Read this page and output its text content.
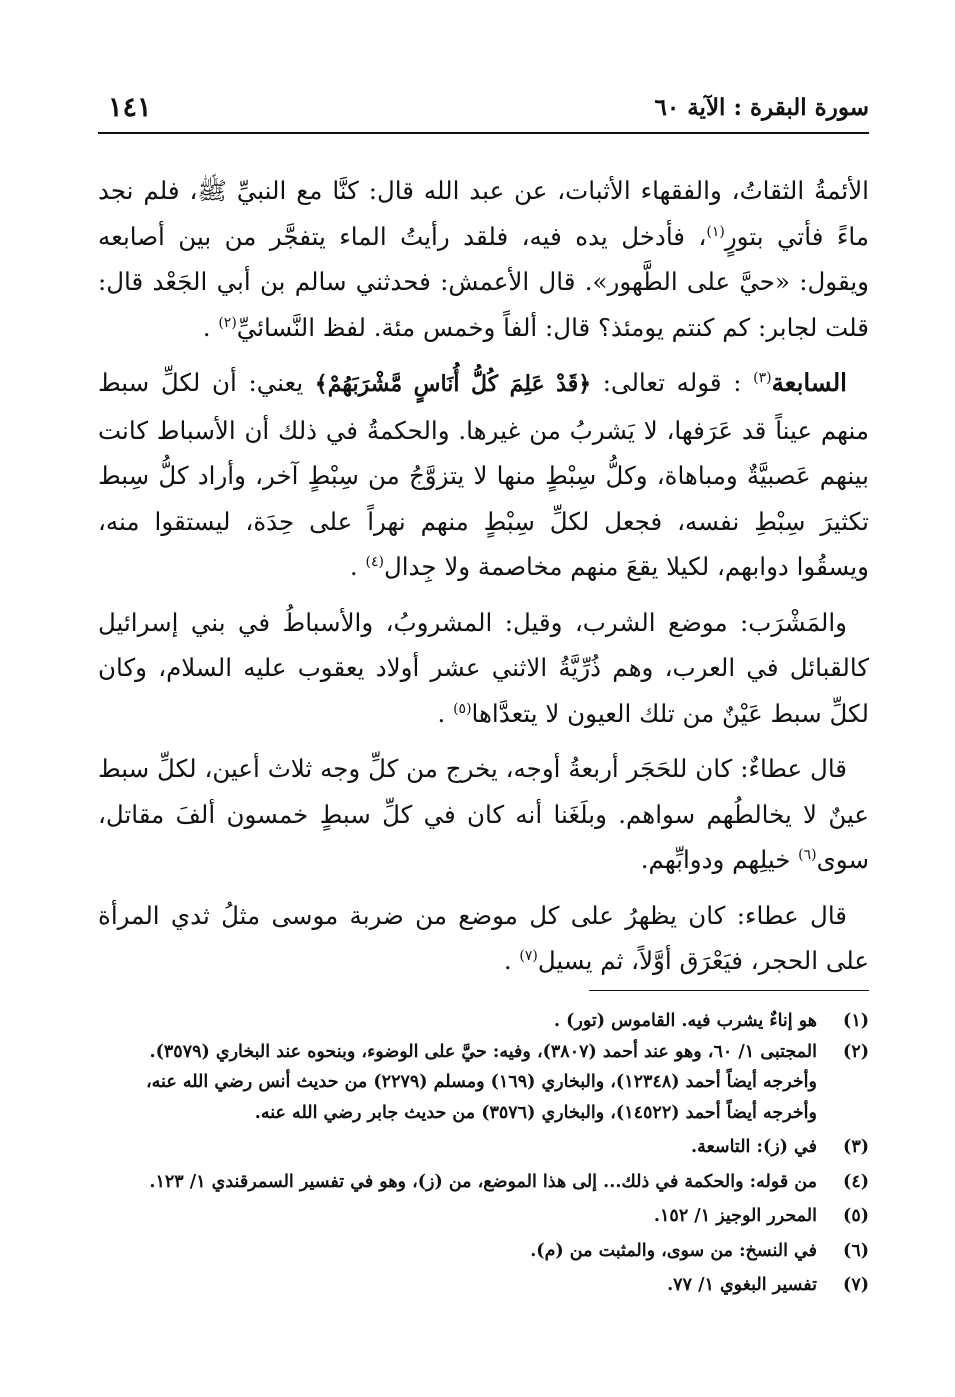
سورة البقرة : الآية ٦٠
١٤١

الأئمةُ الثقاتُ، والفقهاء الأثبات، عن عبد الله قال: كنَّا مع النبيِّ ﷺ، فلم نجد ماءً فأتي بتورٍ$^{(١)}$، فأدخل يده فيه، فلقد رأيتُ الماء يتفجَّر من بين أصابعه ويقول: «حيَّ على الطَّهور». قال الأعمش: فحدثني سالم بن أبي الجَعْد قال: قلت لجابر: كم كنتم يومئذ؟ قال: ألفاً وخمس مئة. لفظ النَّسائيِّ$^{(٢)}$ .

السابعة$^{(٣)}$ : قوله تعالى: ﴿قَدْ عَلِمَ كُلُّ أُنَاسٍ مَّشْرَبَهُمْ﴾ يعني: أن لكلِّ سبط منهم عيناً قد عَرَفها، لا يَشربُ من غيرها. والحكمةُ في ذلك أن الأسباط كانت بينهم عَصبيَّةٌ ومباهاة، وكلُّ سِبْطٍ منها لا يتزوَّجُ من سِبْطٍ آخر، وأراد كلُّ سِبط تكثيرَ سِبْطِ نفسه، فجعل لكلِّ سِبْطٍ منهم نهراً على حِدَة، ليستقوا منه، ويسقُوا دوابهم، لكيلا يقعَ منهم مخاصمة ولا جِدال$^{(٤)}$ .

والمَشْرَب: موضع الشرب، وقيل: المشروبُ، والأسباطُ في بني إسرائيل كالقبائل في العرب، وهم ذُرِّيَّةُ الاثني عشر أولاد يعقوب عليه السلام، وكان لكلِّ سبط عَيْنٌ من تلك العيون لا يتعدَّاها$^{(٥)}$ .

قال عطاءٌ: كان للحَجَر أربعةُ أوجه، يخرج من كلِّ وجه ثلاث أعين، لكلِّ سبط عينٌ لا يخالطُهم سواهم. وبلَغَنا أنه كان في كلِّ سبطٍ خمسون ألفَ مقاتل، سوى$^{(٦)}$ خيلِهم ودوابِّهم.

قال عطاء: كان يظهرُ على كل موضع من ضربة موسى مثلُ ثدي المرأة على الحجر، فيَعْرَق أوَّلاً، ثم يسيل$^{(٧)}$ .

(١)
هو إناءٌ يشرب فيه. القاموس (تور) .
(٢)
المجتبى ١/ ٦٠، وهو عند أحمد (٣٨٠٧)، وفيه: حيَّ على الوضوء، وبنحوه عند البخاري (٣٥٧٩). وأخرجه أيضاً أحمد (١٢٣٤٨)، والبخاري (١٦٩) ومسلم (٢٢٧٩) من حديث أنس رضي الله عنه، وأخرجه أيضاً أحمد (١٤٥٢٢)، والبخاري (٣٥٧٦) من حديث جابر رضي الله عنه.
(٣)
في (ز): التاسعة.
(٤)
من قوله: والحكمة في ذلك... إلى هذا الموضع، من (ز)، وهو في تفسير السمرقندي ١/ ١٢٣.
(٥)
المحرر الوجيز ١/ ١٥٢.
(٦)
في النسخ: من سوى، والمثبت من (م).
(٧)
تفسير البغوي ١/ ٧٧.
